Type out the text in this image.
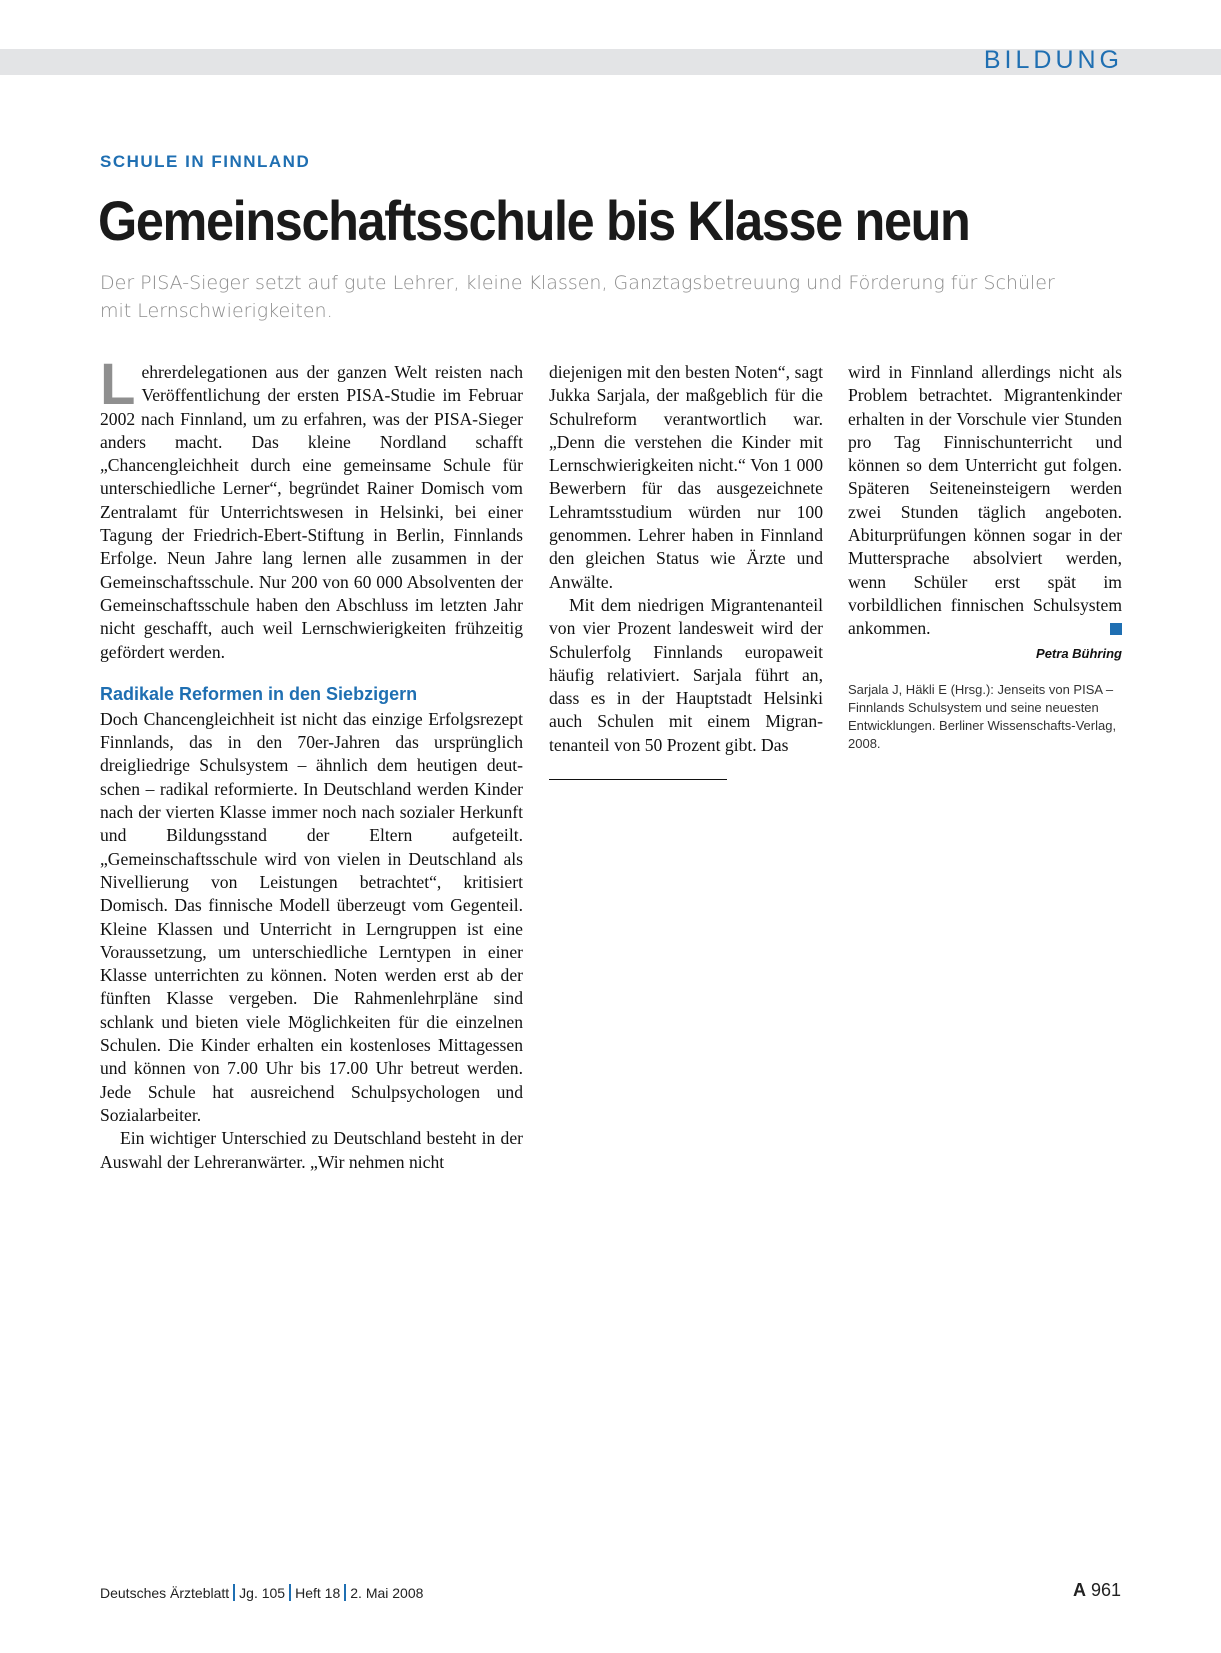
BILDUNG
SCHULE IN FINNLAND
Gemeinschaftsschule bis Klasse neun
Der PISA-Sieger setzt auf gute Lehrer, kleine Klassen, Ganztagsbetreuung und Förderung für Schüler mit Lernschwierigkeiten.

Lehrerdelegationen aus der ganzen Welt reisten nach Veröffentlichung der ersten PISA-Studie im Februar 2002 nach Finnland, um zu erfahren, was der PISA-Sieger anders macht. Das kleine Nordland schafft „Chancengleichheit durch eine gemeinsame Schule für unterschiedliche Lerner“, begründet Rainer Domisch vom Zentralamt für Unterrichtswesen in Helsinki, bei einer Tagung der Friedrich-Ebert-Stiftung in Berlin, Finnlands Erfolge. Neun Jahre lang lernen alle zusammen in der Gemeinschaftsschule. Nur 200 von 60 000 Absolventen der Gemeinschaftsschule haben den Abschluss im letzten Jahr nicht geschafft, auch weil Lernschwierigkeiten frühzeitig gefördert werden.

Radikale Reformen in den Siebzigern

Doch Chancengleichheit ist nicht das einzige Erfolgsrezept Finnlands, das in den 70er-Jahren das ursprünglich dreigliedrige Schulsystem – ähnlich dem heutigen deutschen – radikal reformierte. In Deutschland werden Kinder nach der vierten Klasse immer noch nach sozialer Herkunft und Bildungsstand der Eltern aufgeteilt. „Gemeinschaftsschule wird von vielen in Deutschland als Nivellierung von Leistungen betrachtet“, kritisiert Domisch. Das finnische Modell überzeugt vom Gegenteil. Kleine Klassen und Unterricht in Lerngruppen ist eine Voraussetzung, um unterschiedliche Lerntypen in einer Klasse unterrichten zu können. Noten werden erst ab der fünften Klasse vergeben. Die Rahmenlehrpläne sind schlank und bieten viele Möglichkeiten für die einzelnen Schulen. Die Kinder erhalten ein kostenloses Mittagessen und können von 7.00 Uhr bis 17.00 Uhr betreut werden. Jede Schule hat ausreichend Schulpsychologen und Sozialarbeiter.

Ein wichtiger Unterschied zu Deutschland besteht in der Auswahl der Lehreranwärter. „Wir nehmen nicht

diejenigen mit den besten Noten“, sagt Jukka Sarjala, der maßgeblich für die Schulreform verantwortlich war. „Denn die verstehen die Kinder mit Lernschwierigkeiten nicht.“ Von 1 000 Bewerbern für das ausgezeichnete Lehramtsstudium würden nur 100 genommen. Lehrer haben in Finnland den gleichen Status wie Ärzte und Anwälte.

Mit dem niedrigen Migrantenanteil von vier Prozent landesweit wird der Schulerfolg Finnlands europaweit häufig relativiert. Sarjala führt an, dass es in der Hauptstadt Helsinki auch Schulen mit einem Migrantenanteil von 50 Prozent gibt. Das

wird in Finnland allerdings nicht als Problem betrachtet. Migrantenkinder erhalten in der Vorschule vier Stunden pro Tag Finnischunterricht und können so dem Unterricht gut folgen. Späteren Seiteneinsteigern werden zwei Stunden täglich angeboten. Abiturprüfungen können sogar in der Muttersprache absolviert werden, wenn Schüler erst spät im vorbildlichen finnischen Schulsystem ankommen.

Petra Bühring

Sarjala J, Häkli E (Hrsg.): Jenseits von PISA – Finnlands Schulsystem und seine neuesten Entwicklungen. Berliner Wissenschafts-Verlag, 2008.

Deutsches Ärzteblatt Jg. 105 Heft 18 2. Mai 2008	A 961
